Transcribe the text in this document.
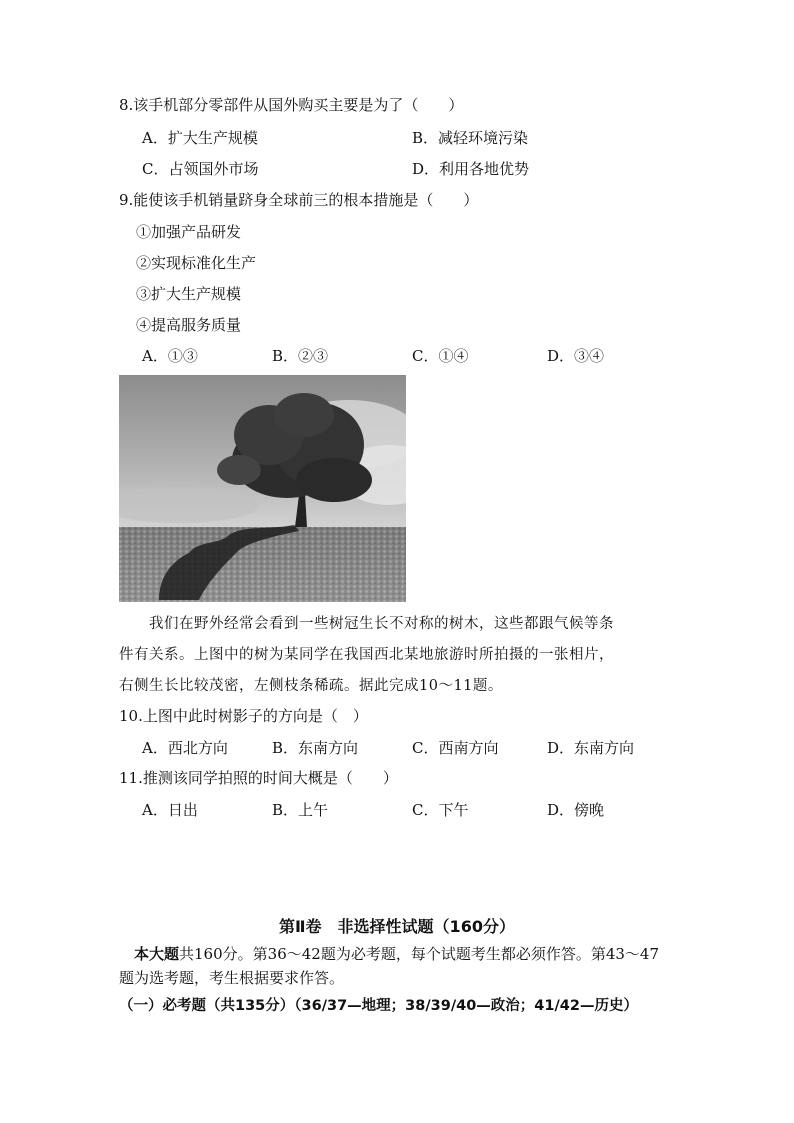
8.该手机部分零部件从国外购买主要是为了（　　）
A．扩大生产规模	B．减轻环境污染
C．占领国外市场	D．利用各地优势
9.能使该手机销量跻身全球前三的根本措施是（　　）
①加强产品研发
②实现标准化生产
③扩大生产规模
④提高服务质量
A．①③	B．②③	C．①④	D．③④
我们在野外经常会看到一些树冠生长不对称的树木，这些都跟气候等条
件有关系。上图中的树为某同学在我国西北某地旅游时所拍摄的一张相片，
右侧生长比较茂密，左侧枝条稀疏。据此完成10～11题。
10.上图中此时树影子的方向是（　）
A．西北方向	B．东南方向	C．西南方向	D．东南方向
11.推测该同学拍照的时间大概是（　　）
A．日出	B．上午	C．下午	D．傍晚
第Ⅱ卷　非选择性试题（160分）
本大题共160分。第36～42题为必考题，每个试题考生都必须作答。第43～47
题为选考题，考生根据要求作答。
（一）必考题（共135分）（36/37—地理；38/39/40—政治；41/42—历史）
